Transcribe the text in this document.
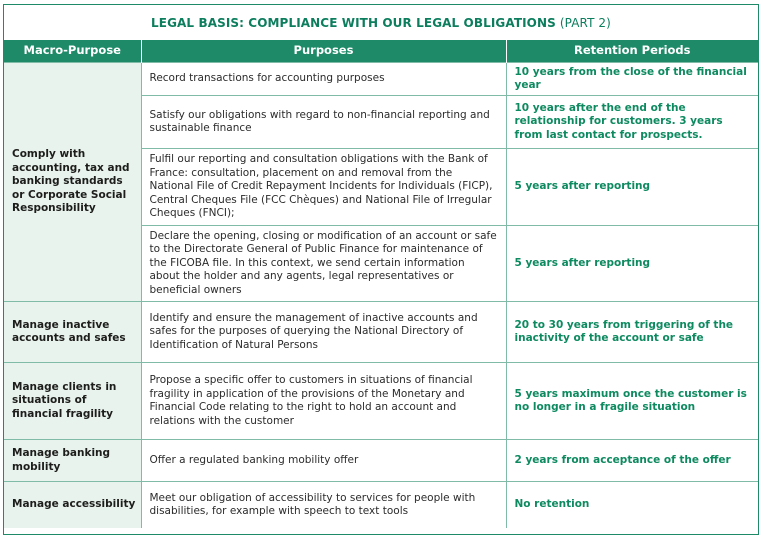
LEGAL BASIS: COMPLIANCE WITH OUR LEGAL OBLIGATIONS (PART 2)
Macro-Purpose	Purposes	Retention Periods
Comply with accounting, tax and banking standards or Corporate Social Responsibility	Record transactions for accounting purposes	10 years from the close of the financial year
	Satisfy our obligations with regard to non-financial reporting and sustainable finance	10 years after the end of the relationship for customers. 3 years from last contact for prospects.
	Fulfil our reporting and consultation obligations with the Bank of France: consultation, placement on and removal from the National File of Credit Repayment Incidents for Individuals (FICP), Central Cheques File (FCC Chèques) and National File of Irregular Cheques (FNCI);	5 years after reporting
	Declare the opening, closing or modification of an account or safe to the Directorate General of Public Finance for maintenance of the FICOBA file. In this context, we send certain information about the holder and any agents, legal representatives or beneficial owners	5 years after reporting
Manage inactive accounts and safes	Identify and ensure the management of inactive accounts and safes for the purposes of querying the National Directory of Identification of Natural Persons	20 to 30 years from triggering of the inactivity of the account or safe
Manage clients in situations of financial fragility	Propose a specific offer to customers in situations of financial fragility in application of the provisions of the Monetary and Financial Code relating to the right to hold an account and relations with the customer	5 years maximum once the customer is no longer in a fragile situation
Manage banking mobility	Offer a regulated banking mobility offer	2 years from acceptance of the offer
Manage accessibility	Meet our obligation of accessibility to services for people with disabilities, for example with speech to text tools	No retention
